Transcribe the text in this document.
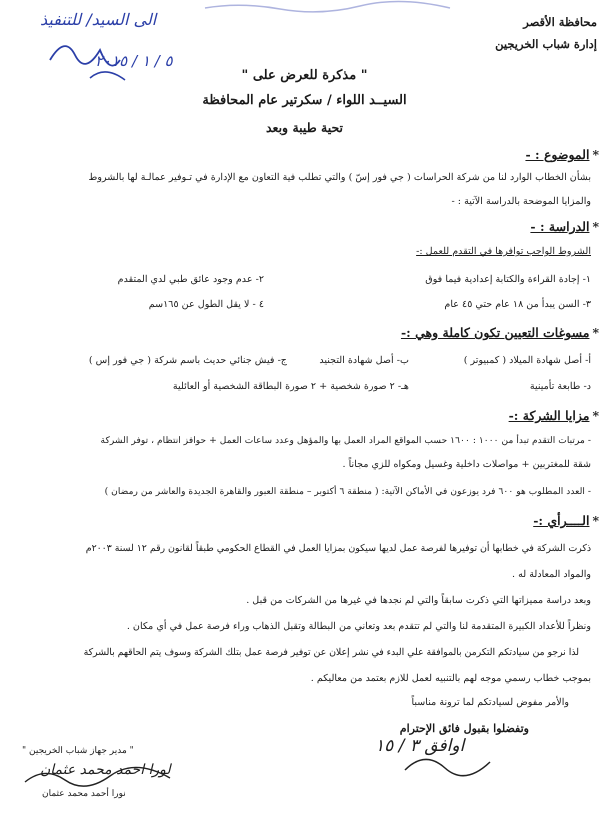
محافظة الأقصر
إدارة شباب الخريجين
الى السيد/ للتنفيذ
٥ / ١ / ٢٠١٥
" مذكرة للعرض على "
السيــد اللواء / سكرتير عام المحافظة
تحية طيبة وبعد
*الموضوع : -
بشأن الخطاب الوارد لنا من شركة الحراسات ( جي فور إسّ ) والتي تطلب فية التعاون مع الإدارة في تـوفير عمالـة لها بالشروط
والمزايا الموضحة بالدراسة الآتية : -
*الدراسة : -
الشروط الواجب توافرها في التقدم للعمل :-
١- إجادة القراءة والكتابة إعدادية فيما فوق
٢- عدم وجود عائق طبي لدي المتقدم
٣- السن يبدأ من ١٨ عام حتي ٤٥ عام
٤ - لا يقل الطول عن ١٦٥سم
*مسوغات التعيين تكون كاملة وهي :-
أ- أصل شهادة الميلاد ( كمبيوتر )
ب- أصل شهادة التجنيد
ج- فيش جنائي حديث باسم شركة ( جي فور إس )
د- طابعة تأمينية
هـ- ٢ صورة شخصية + ٢ صورة البطاقة الشخصية أو العائلية
*مزايا الشركة :-
- مرتبات التقدم تبدأ من ١٠٠٠ : ١٦٠٠ حسب المواقع المراد العمل بها والمؤهل وعدد ساعات العمل + حوافز انتظام ، توفر الشركة
شقة للمغتربين + مواصلات داخلية وغسيل ومكواه للزي مجاناً .
- العدد المطلوب هو ٦٠٠ فرد يوزعون في الأماكن الآتية: ( منطقة ٦ أكتوبر – منطقة العبور والقاهرة الجديدة والعاشر من رمضان )
*الــــرأي :-
ذكرت الشركة في خطابها أن توفيرها لفرصة عمل لديها سيكون بمزايا العمل في القطاع الحكومي طبقاً لقانون رقم ١٢ لسنة ٢٠٠٣م
والمواد المعادلة له .
وبعد دراسة مميزاتها التي ذكرت سابقاً والتي لم نجدها في غيرها من الشركات من قبل .
ونظراً للأعداد الكبيرة المتقدمة لنا والتي لم تتقدم بعد وتعاني من البطالة وتقبل الذهاب وراء فرصة عمل في أي مكان .
لذا نرجو من سيادتكم التكرمن بالموافقة علي البدء في نشر إعلان عن توفير فرصة عمل بتلك الشركة وسوف يتم الحاقهم بالشركة
بموجب خطاب رسمي موجه لهم بالتنبيه لعمل للازم بعتمد من معاليكم .
والأمر مفوض لسيادتكم لما ترونة مناسباً
وتفضلوا بقبول فائق الإحترام
اوافق ٣ / ١٥
" مدير جهاز شباب الخريجين "
لورا احمد محمد عثمان
نورا أحمد محمد عثمان
